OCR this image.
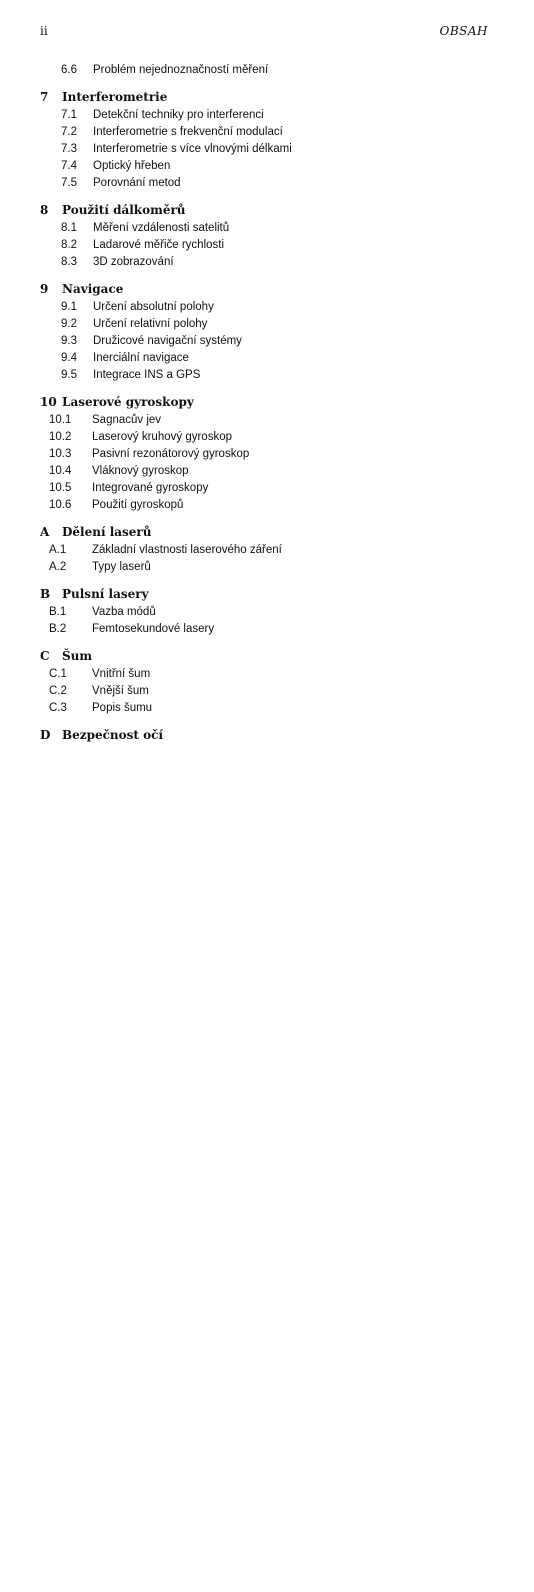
ii	OBSAH
6.6 Problém nejednoznačností měření
7 Interferometrie
7.1 Detekční techniky pro interferenci
7.2 Interferometrie s frekvenční modulací
7.3 Interferometrie s více vlnovými délkami
7.4 Optický hřeben
7.5 Porovnání metod
8 Použití dálkoměrů
8.1 Měření vzdálenosti satelitů
8.2 Ladarové měřiče rychlosti
8.3 3D zobrazování
9 Navigace
9.1 Určení absolutní polohy
9.2 Určení relativní polohy
9.3 Družicové navigační systémy
9.4 Inerciální navigace
9.5 Integrace INS a GPS
10 Laserové gyroskopy
10.1 Sagnacův jev
10.2 Laserový kruhový gyroskop
10.3 Pasivní rezonátorový gyroskop
10.4 Vláknový gyroskop
10.5 Integrované gyroskopy
10.6 Použití gyroskopů
A Dělení laserů
A.1 Základní vlastnosti laserového záření
A.2 Typy laserů
B Pulsní lasery
B.1 Vazba módů
B.2 Femtosekundové lasery
C Šum
C.1 Vnitřní šum
C.2 Vnější šum
C.3 Popis šumu
D Bezpečnost očí
